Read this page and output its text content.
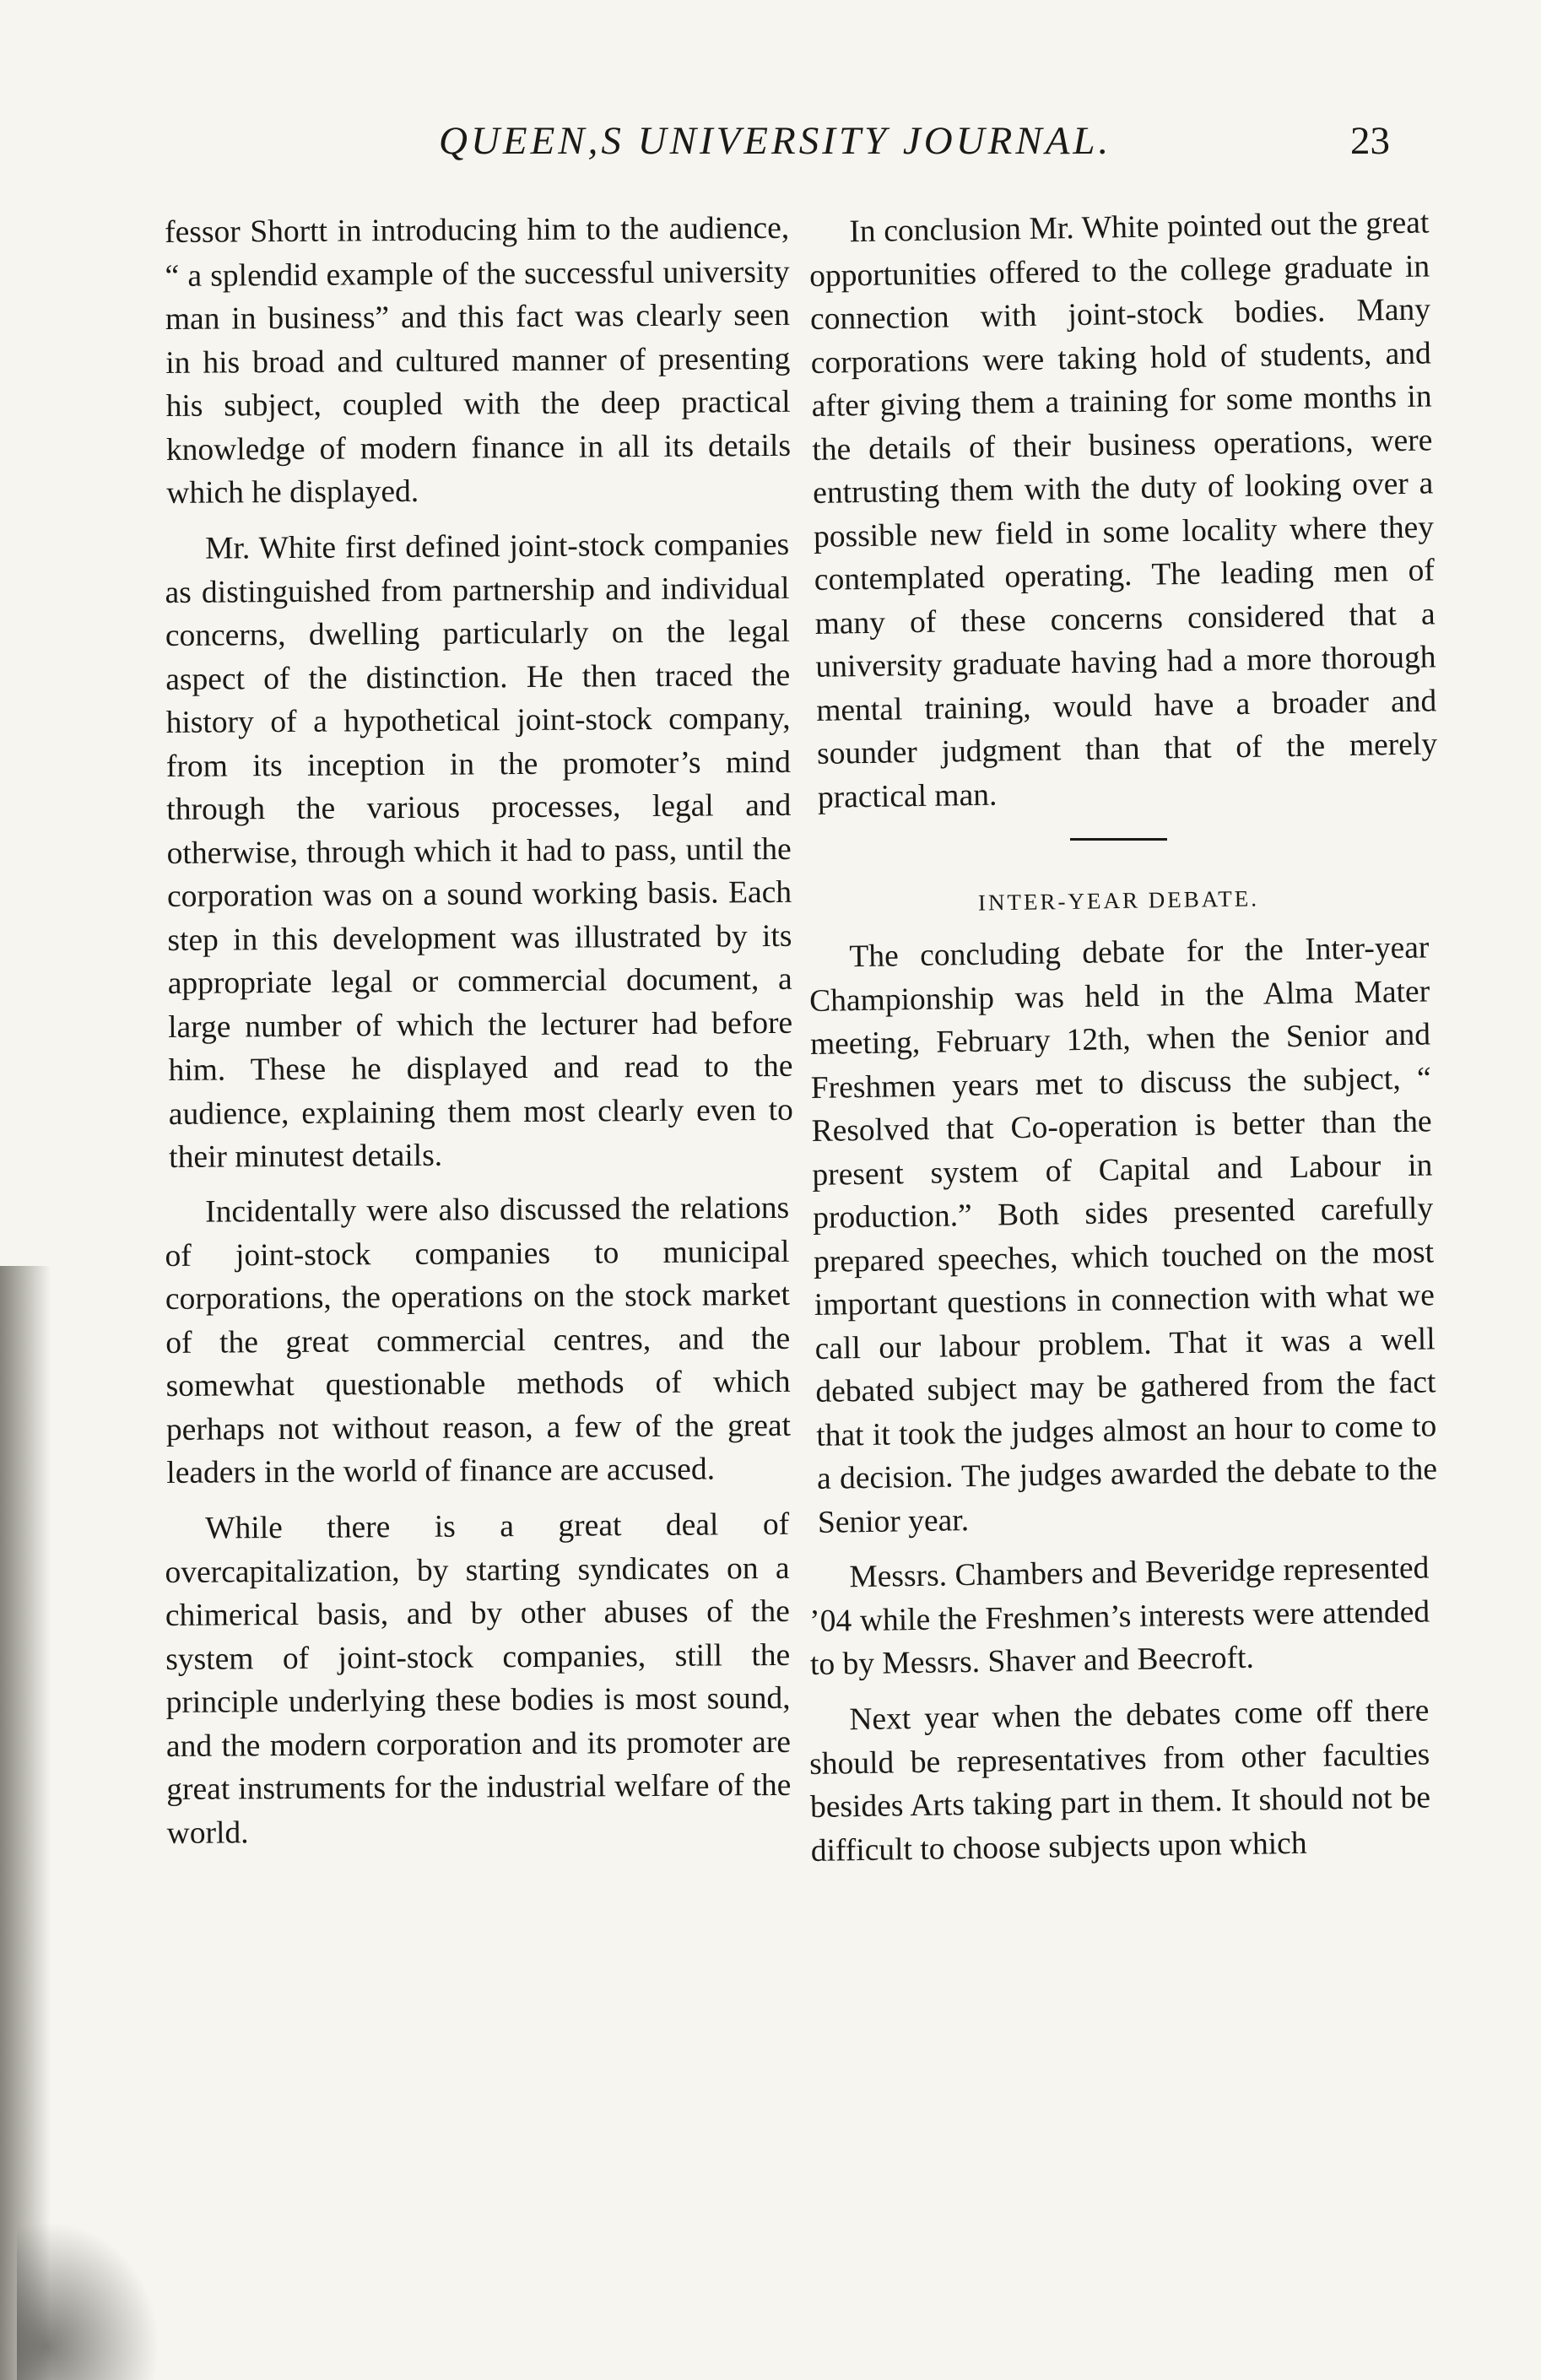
QUEEN,S UNIVERSITY JOURNAL.	23

fessor Shortt in introducing him to the audience, “ a splendid example of the successful university man in business” and this fact was clearly seen in his broad and cultured manner of presenting his subject, coupled with the deep practical knowledge of modern finance in all its details which he displayed.

Mr. White first defined joint-stock companies as distinguished from partnership and individual concerns, dwelling particularly on the legal aspect of the distinction. He then traced the history of a hypothetical joint-stock company, from its inception in the promoter’s mind through the various processes, legal and otherwise, through which it had to pass, until the corporation was on a sound working basis. Each step in this development was illustrated by its appropriate legal or commercial document, a large number of which the lecturer had before him. These he displayed and read to the audience, explaining them most clearly even to their minutest details.

Incidentally were also discussed the relations of joint-stock companies to municipal corporations, the operations on the stock market of the great commercial centres, and the somewhat questionable methods of which perhaps not without reason, a few of the great leaders in the world of finance are accused.

While there is a great deal of overcapitalization, by starting syndicates on a chimerical basis, and by other abuses of the system of joint-stock companies, still the principle underlying these bodies is most sound, and the modern corporation and its promoter are great instruments for the industrial welfare of the world.

In conclusion Mr. White pointed out the great opportunities offered to the college graduate in connection with joint-stock bodies. Many corporations were taking hold of students, and after giving them a training for some months in the details of their business operations, were entrusting them with the duty of looking over a possible new field in some locality where they contemplated operating. The leading men of many of these concerns considered that a university graduate having had a more thorough mental training, would have a broader and sounder judgment than that of the merely practical man.

INTER-YEAR DEBATE.

The concluding debate for the Inter-year Championship was held in the Alma Mater meeting, February 12th, when the Senior and Freshmen years met to discuss the subject, “ Resolved that Co-operation is better than the present system of Capital and Labour in production.” Both sides presented carefully prepared speeches, which touched on the most important questions in connection with what we call our labour problem. That it was a well debated subject may be gathered from the fact that it took the judges almost an hour to come to a decision. The judges awarded the debate to the Senior year.

Messrs. Chambers and Beveridge represented ’04 while the Freshmen’s interests were attended to by Messrs. Shaver and Beecroft.

Next year when the debates come off there should be representatives from other faculties besides Arts taking part in them. It should not be difficult to choose subjects upon which
